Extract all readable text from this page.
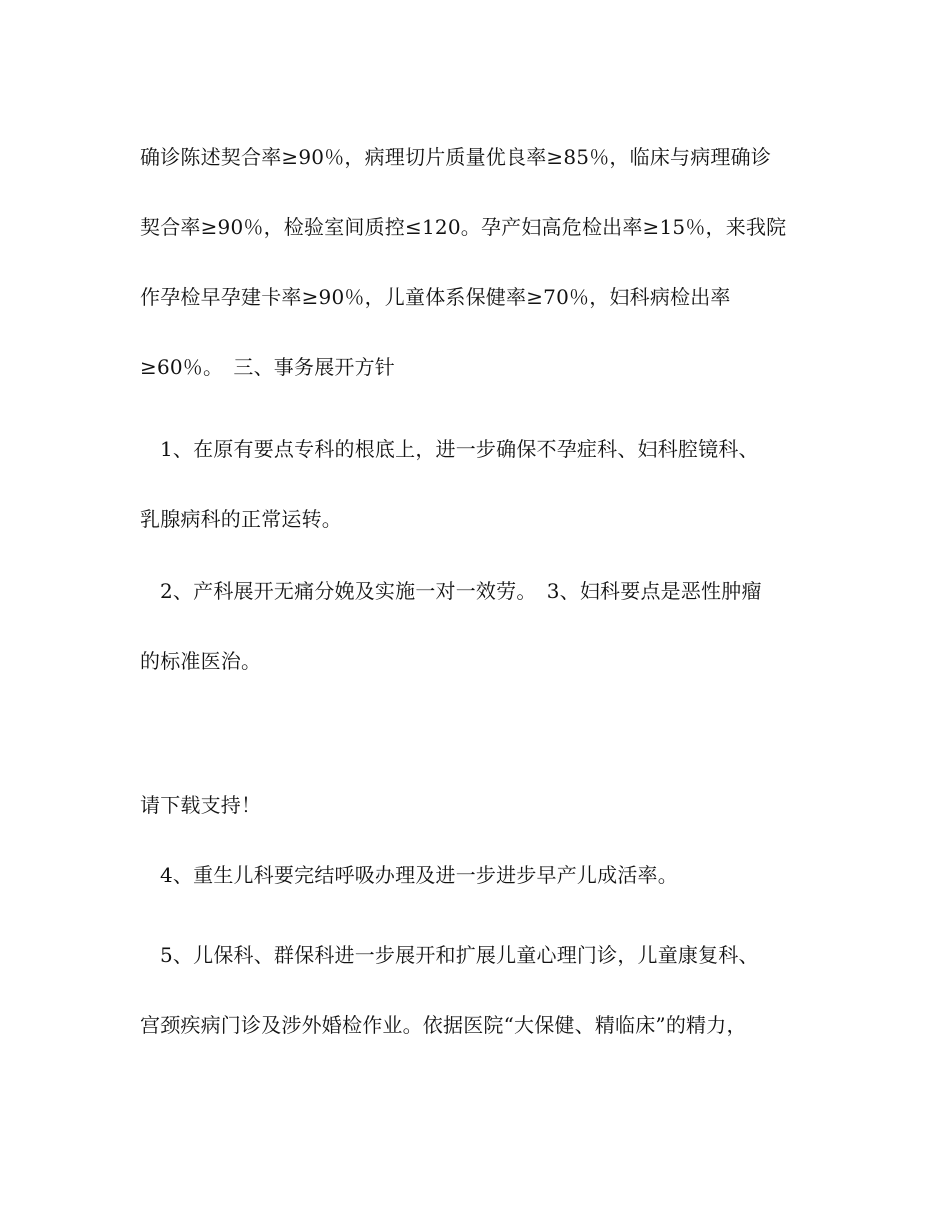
确诊陈述契合率≥90％，病理切片质量优良率≥85％，临床与病理确诊
契合率≥90％，检验室间质控≤120。孕产妇高危检出率≥15％，来我院
作孕检早孕建卡率≥90％，儿童体系保健率≥70％，妇科病检出率
≥60％。　三、事务展开方针
1、在原有要点专科的根底上，进一步确保不孕症科、妇科腔镜科、
乳腺病科的正常运转。
2、产科展开无痛分娩及实施一对一效劳。　3、妇科要点是恶性肿瘤
的标准医治。
请下载支持！
4、重生儿科要完结呼吸办理及进一步进步早产儿成活率。
5、儿保科、群保科进一步展开和扩展儿童心理门诊，儿童康复科、
宫颈疾病门诊及涉外婚检作业。依据医院“大保健、精临床”的精力，
